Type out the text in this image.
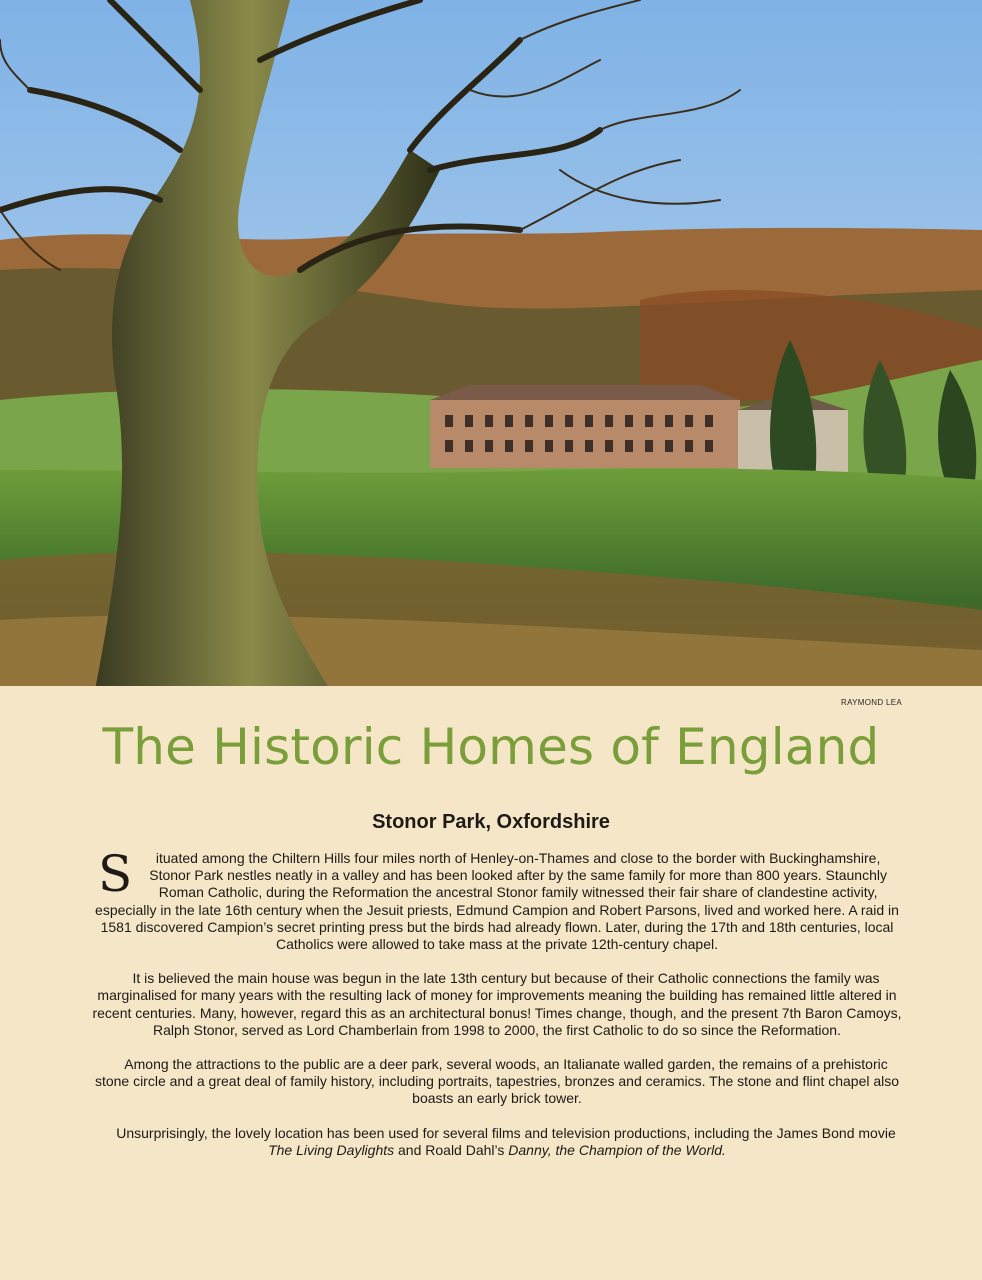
RAYMOND LEA
The Historic Homes of England
Stonor Park, Oxfordshire

S ituated among the Chiltern Hills four miles north of Henley-on-Thames and close to the border with Buckinghamshire, Stonor Park nestles neatly in a valley and has been looked after by the same family for more than 800 years. Staunchly Roman Catholic, during the Reformation the ancestral Stonor family witnessed their fair share of clandestine activity, especially in the late 16th century when the Jesuit priests, Edmund Campion and Robert Parsons, lived and worked here. A raid in 1581 discovered Campion’s secret printing press but the birds had already flown. Later, during the 17th and 18th centuries, local Catholics were allowed to take mass at the private 12th-century chapel.

It is believed the main house was begun in the late 13th century but because of their Catholic connections the family was marginalised for many years with the resulting lack of money for improvements meaning the building has remained little altered in recent centuries. Many, however, regard this as an architectural bonus! Times change, though, and the present 7th Baron Camoys, Ralph Stonor, served as Lord Chamberlain from 1998 to 2000, the first Catholic to do so since the Reformation.

Among the attractions to the public are a deer park, several woods, an Italianate walled garden, the remains of a prehistoric stone circle and a great deal of family history, including portraits, tapestries, bronzes and ceramics. The stone and flint chapel also boasts an early brick tower.

Unsurprisingly, the lovely location has been used for several films and television productions, including the James Bond movie The Living Daylights and Roald Dahl’s Danny, the Champion of the World.
